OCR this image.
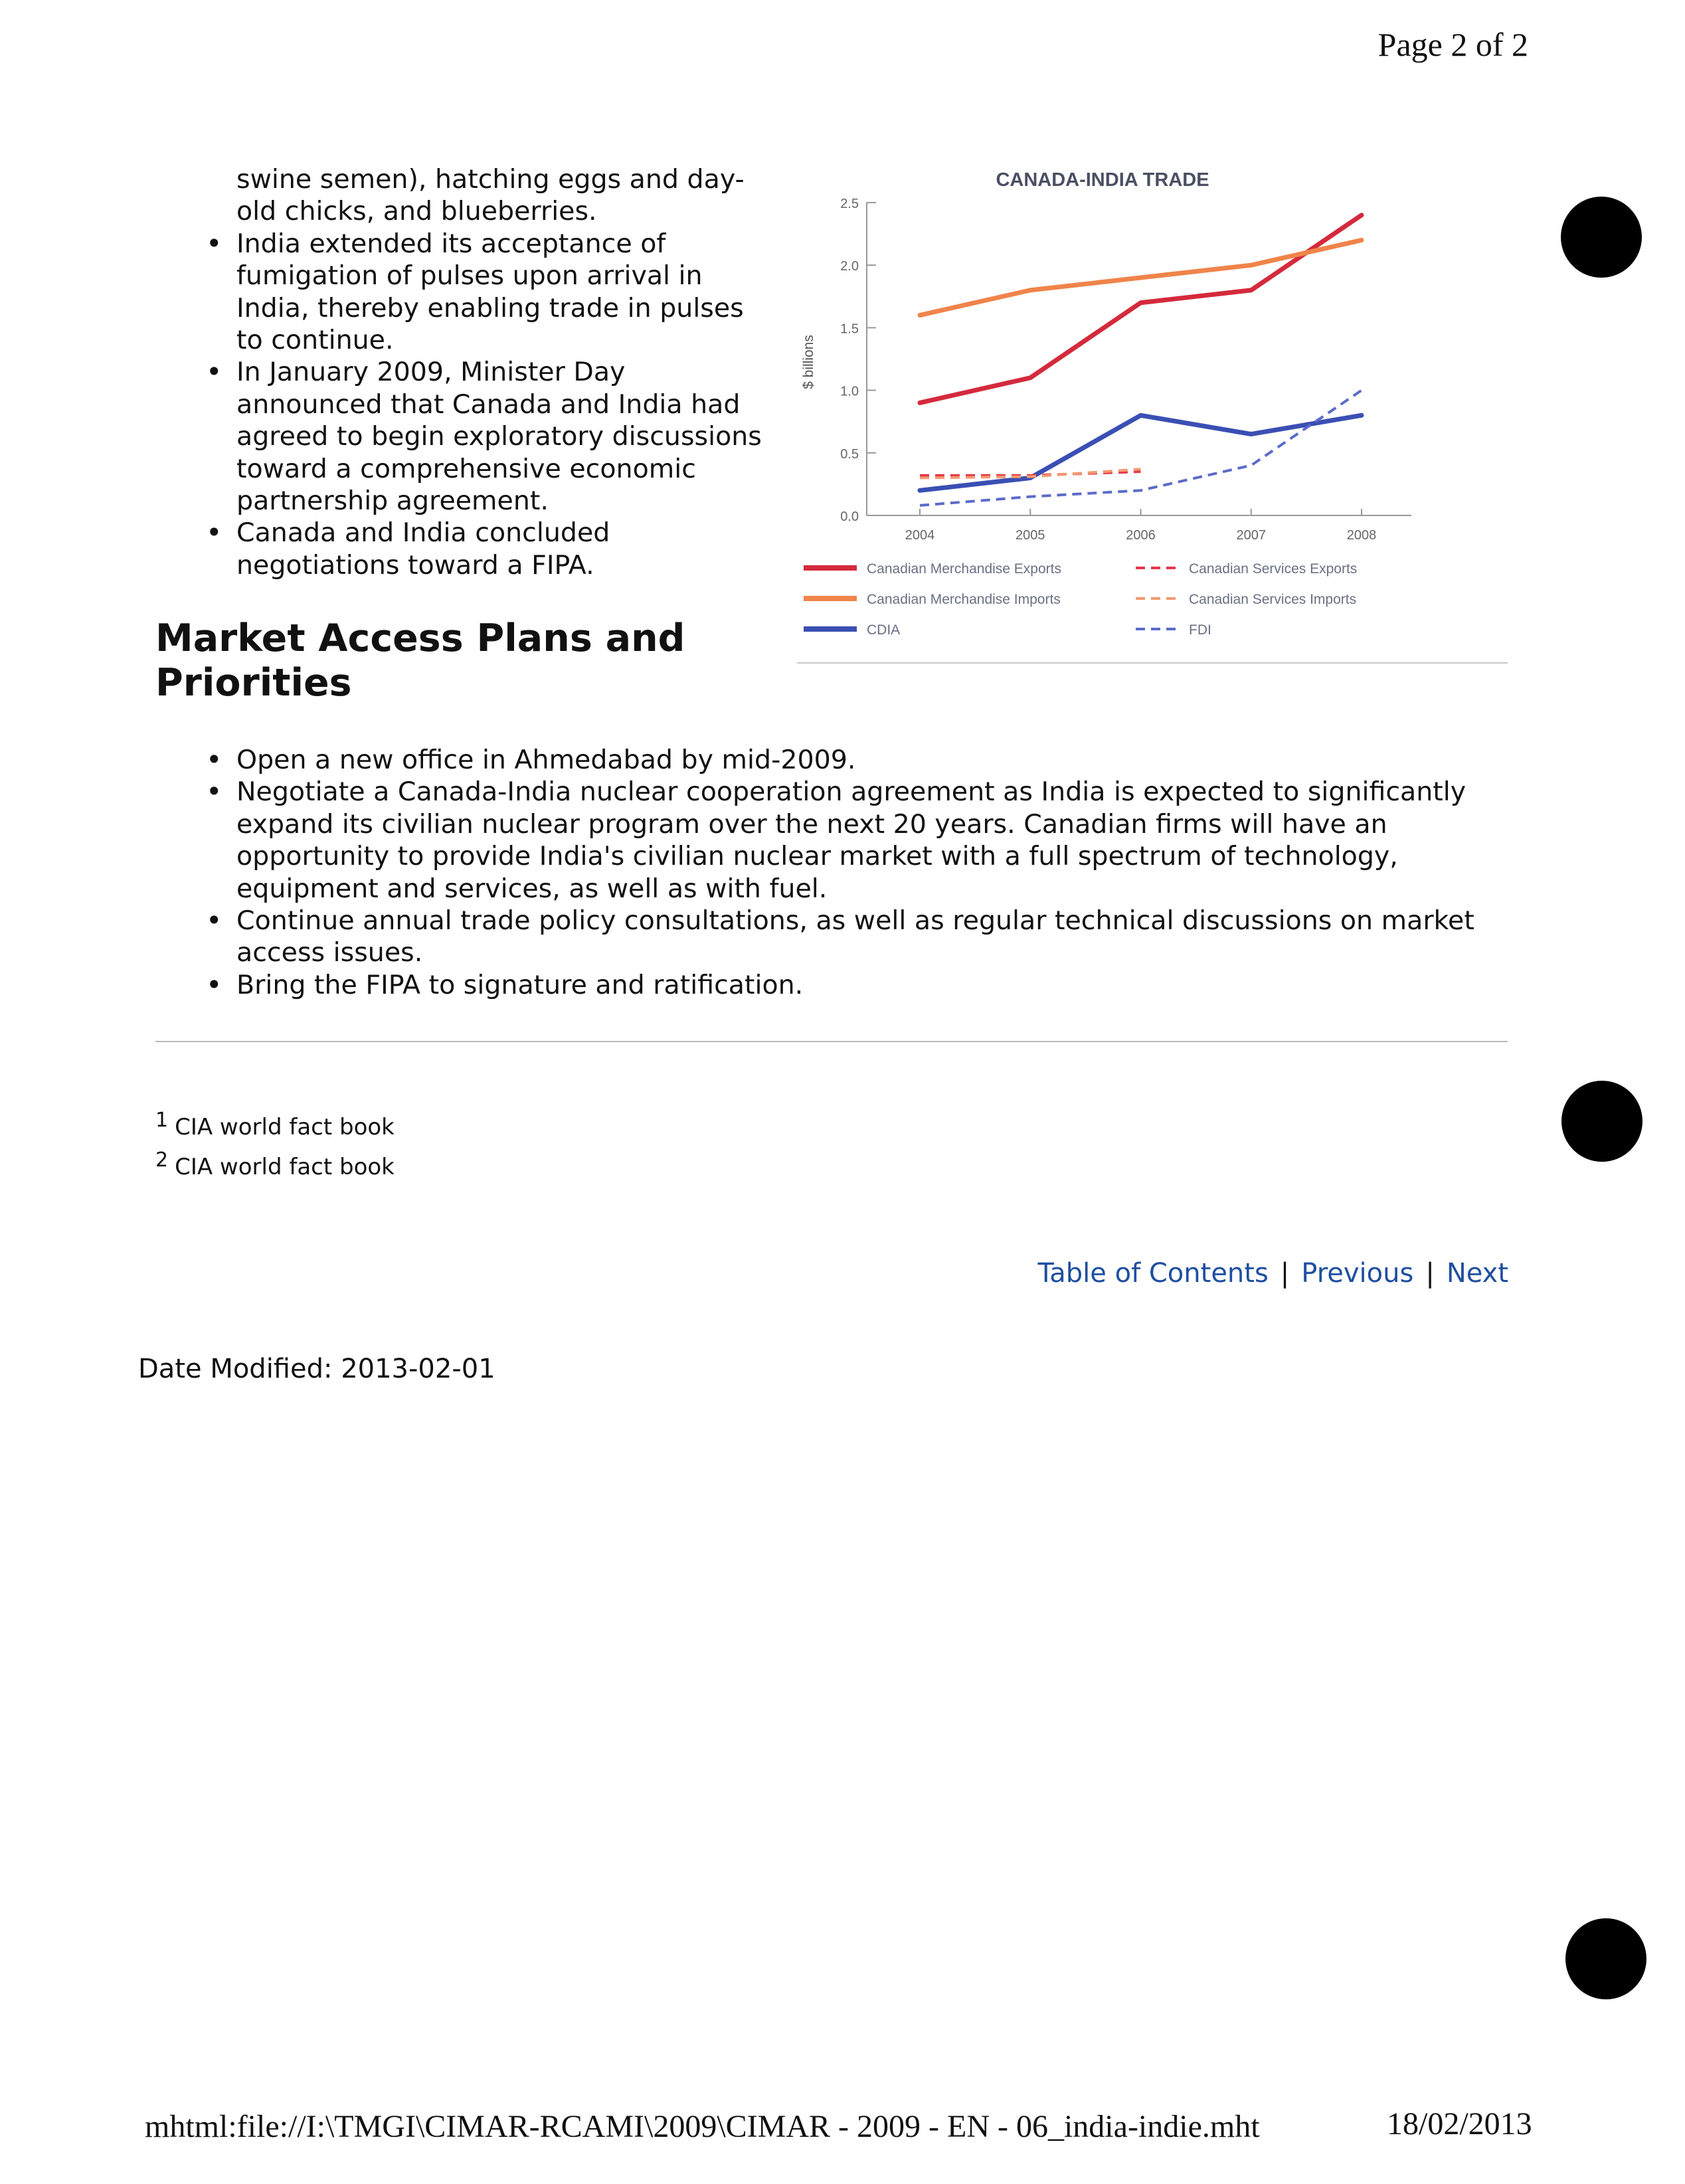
Page 2 of 2

swine semen), hatching eggs and day-old chicks, and blueberries.

• India extended its acceptance of fumigation of pulses upon arrival in India, thereby enabling trade in pulses to continue.
• In January 2009, Minister Day announced that Canada and India had agreed to begin exploratory discussions toward a comprehensive economic partnership agreement.
• Canada and India concluded negotiations toward a FIPA.
CANADA-INDIA TRADE
$ billions
0.0
0.5
1.0
1.5
2.0
2.5
2004	2005	2006	2007	2008
Canadian Merchandise Exports
Canadian Merchandise Imports
CDIA
Canadian Services Exports
Canadian Services Imports
FDI
Market Access Plans and Priorities
• Open a new office in Ahmedabad by mid-2009.
• Negotiate a Canada-India nuclear cooperation agreement as India is expected to significantly expand its civilian nuclear program over the next 20 years. Canadian firms will have an opportunity to provide India's civilian nuclear market with a full spectrum of technology, equipment and services, as well as with fuel.
• Continue annual trade policy consultations, as well as regular technical discussions on market access issues.
• Bring the FIPA to signature and ratification.
$^1$ CIA world fact book
$^2$ CIA world fact book
Table of Contents | Previous | Next
Date Modified: 2013-02-01
mhtml:file://I:\TMGI\CIMAR-RCAMI\2009\CIMAR - 2009 - EN - 06_india-indie.mht	18/02/2013
